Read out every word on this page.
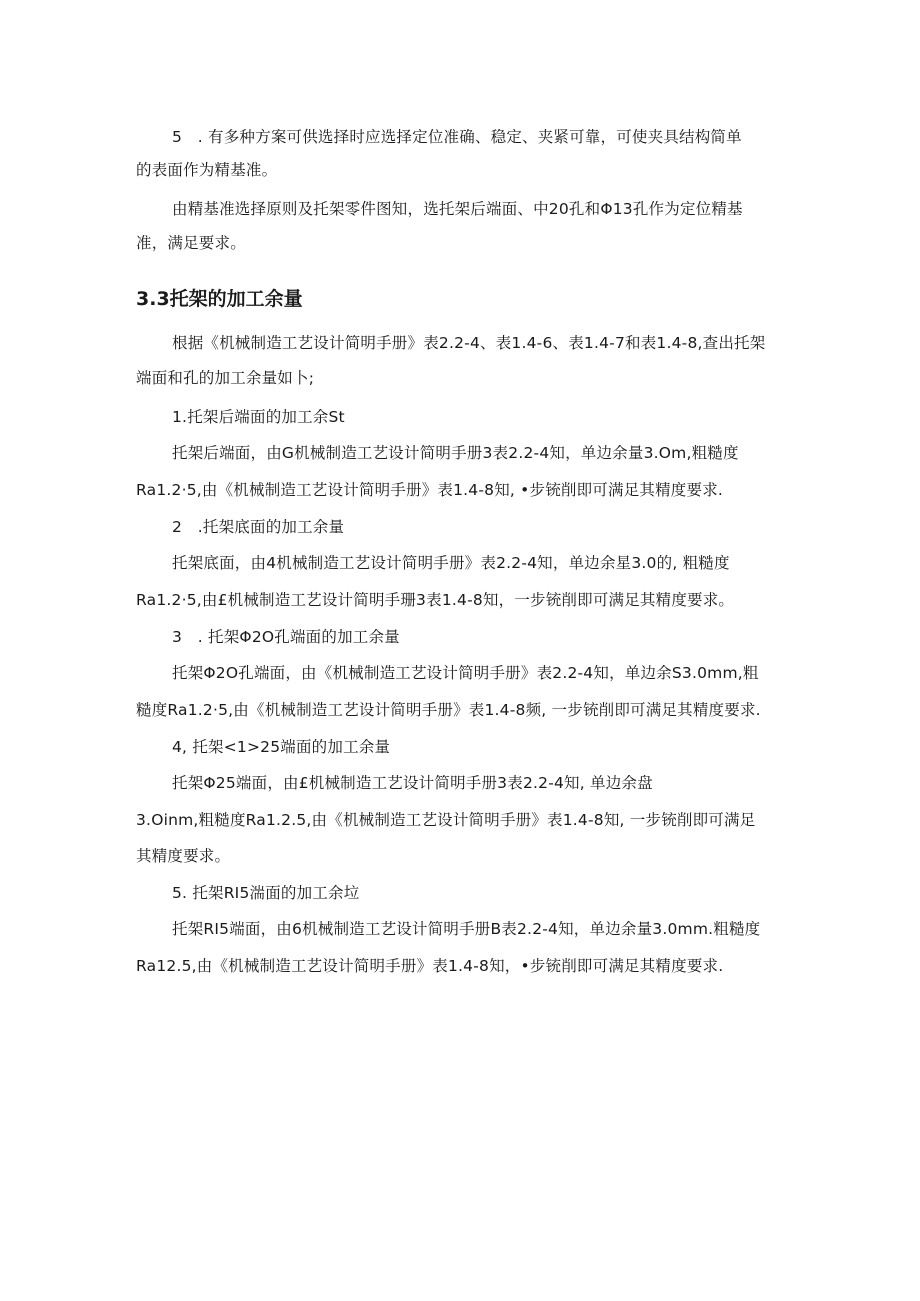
5　. 有多种方案可供选择时应选择定位准确、稳定、夹紧可靠，可使夹具结构简单
的表面作为精基准。
由精基准选择原则及托架零件图知，选托架后端面、中20孔和Φ13孔作为定位精基
准，满足要求。
3.3托架的加工余量
根据《机械制造工艺设计简明手册》表2.2-4、表1.4-6、表1.4-7和表1.4-8,查出托架
端面和孔的加工余量如卜;
1.托架后端面的加工余St
托架后端面，由G机械制造工艺设计简明手册3表2.2-4知，单边余量3.Om,粗糙度
Ra1.2·5,由《机械制造工艺设计简明手册》表1.4-8知, •步铳削即可满足其精度要求.
2　.托架底面的加工余量
托架底面，由4机械制造工艺设计简明手册》表2.2-4知，单边余星3.0的, 粗糙度
Ra1.2·5,由£机械制造工艺设计简明手珊3表1.4-8知，一步铳削即可满足其精度要求。
3　. 托架Φ2O孔端面的加工余量
托架Φ2O孔端面，由《机械制造工艺设计简明手册》表2.2-4知，单边余S3.0mm,粗
糙度Ra1.2·5,由《机械制造工艺设计简明手册》表1.4-8频, 一步铳削即可满足其精度要求.
4, 托架<1>25端面的加工余量
托架Φ25端面，由£机械制造工艺设计简明手册3表2.2-4知, 单边余盘
3.Oinm,粗糙度Ra1.2.5,由《机械制造工艺设计简明手册》表1.4-8知, 一步铳削即可满足
其精度要求。
5. 托架RI5湍面的加工余垃
托架RI5端面，由6机械制造工艺设计简明手册B表2.2-4知，单边余量3.0mm.粗糙度
Ra12.5,由《机械制造工艺设计简明手册》表1.4-8知，•步铳削即可满足其精度要求.
